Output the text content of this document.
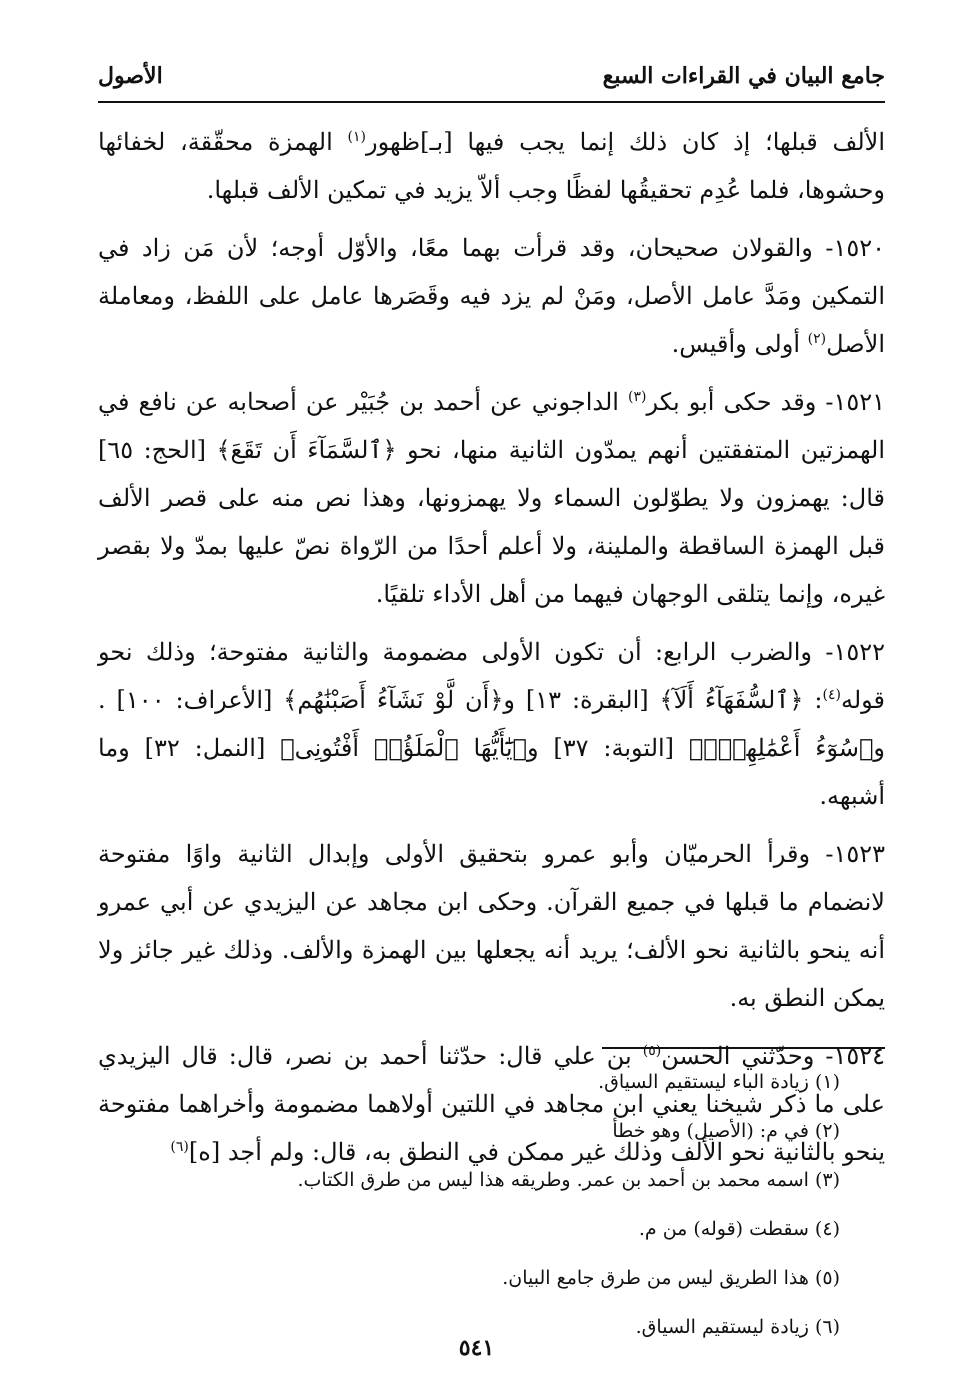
جامع البيان في القراءات السبع
الأصول

الألف قبلها؛ إذ كان ذلك إنما يجب فيها [بـ]ظهور$^{(١)}$ الهمزة محقّقة، لخفائها وحشوها، فلما عُدِم تحقيقُها لفظًا وجب ألاّ يزيد في تمكين الألف قبلها.

١٥٢٠- والقولان صحيحان، وقد قرأت بهما معًا، والأوّل أوجه؛ لأن مَن زاد في التمكين ومَدَّ عامل الأصل، ومَنْ لم يزد فيه وقَصَرها عامل على اللفظ، ومعاملة الأصل$^{(٢)}$ أولى وأقيس.

١٥٢١- وقد حكى أبو بكر$^{(٣)}$ الداجوني عن أحمد بن جُبَيْر عن أصحابه عن نافع في الهمزتين المتفقتين أنهم يمدّون الثانية منها، نحو ﴿ٱلسَّمَآءَ أَن تَقَعَ﴾ [الحج: ٦٥] قال: يهمزون ولا يطوّلون السماء ولا يهمزونها، وهذا نص منه على قصر الألف قبل الهمزة الساقطة والملينة، ولا أعلم أحدًا من الرّواة نصّ عليها بمدّ ولا بقصر غيره، وإنما يتلقى الوجهان فيهما من أهل الأداء تلقيًا.

١٥٢٢- والضرب الرابع: أن تكون الأولى مضمومة والثانية مفتوحة؛ وذلك نحو قوله$^{(٤)}$: ﴿ٱلسُّفَهَآءُ أَلَآ﴾ [البقرة: ١٣] و﴿أَن لَّوْ نَشَآءُ أَصَبْنَٰهُم﴾ [الأعراف: ١٠٠] . و﴿سُوٓءُ أَعْمَٰلِهِمْۗ﴾ [التوبة: ٣٧] و﴿يَٰٓأَيُّهَا ٱلْمَلَؤُا۟ أَفْتُونِى﴾ [النمل: ٣٢] وما أشبهه.

١٥٢٣- وقرأ الحرميّان وأبو عمرو بتحقيق الأولى وإبدال الثانية واوًا مفتوحة لانضمام ما قبلها في جميع القرآن. وحكى ابن مجاهد عن اليزيدي عن أبي عمرو أنه ينحو بالثانية نحو الألف؛ يريد أنه يجعلها بين الهمزة والألف. وذلك غير جائز ولا يمكن النطق به.

١٥٢٤- وحدّثني الحسن$^{(٥)}$ بن علي قال: حدّثنا أحمد بن نصر، قال: قال اليزيدي على ما ذكر شيخنا يعني ابن مجاهد في اللتين أولاهما مضمومة وأخراهما مفتوحة ينحو بالثانية نحو الألف وذلك غير ممكن في النطق به، قال: ولم أجد [ه]$^{(٦)}$

(١) زيادة الباء ليستقيم السياق.
(٢) في م: (الأصيل) وهو خطأ
(٣) اسمه محمد بن أحمد بن عمر. وطريقه هذا ليس من طرق الكتاب.
(٤) سقطت (قوله) من م.
(٥) هذا الطريق ليس من طرق جامع البيان.
(٦) زيادة ليستقيم السياق.
٥٤١
